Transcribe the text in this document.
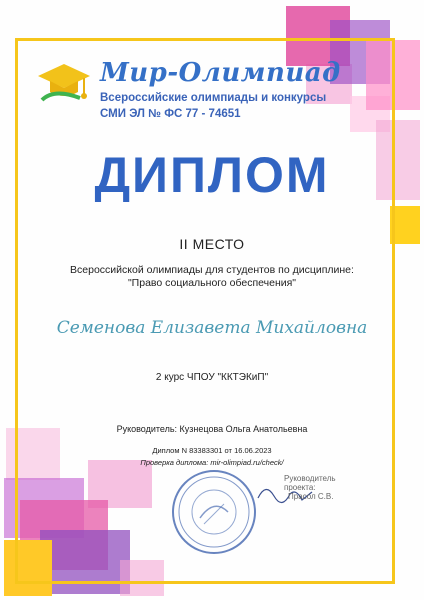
Мир-Олимпиад
Всероссийские олимпиады и конкурсы
СМИ ЭЛ № ФС 77 - 74651
ДИПЛОМ
II МЕСТО
Всероссийской олимпиады для студентов по дисциплине: "Право социального обеспечения"
Семенова Елизавета Михайловна
2 курс ЧПОУ "ККТЭКиП"
Руководитель: Кузнецова Ольга Анатольевна
Диплом N 83383301 от 16.06.2023
Проверка диплома: mir-olimpiad.ru/check/
Руководитель
проекта:
Прасол С.В.
